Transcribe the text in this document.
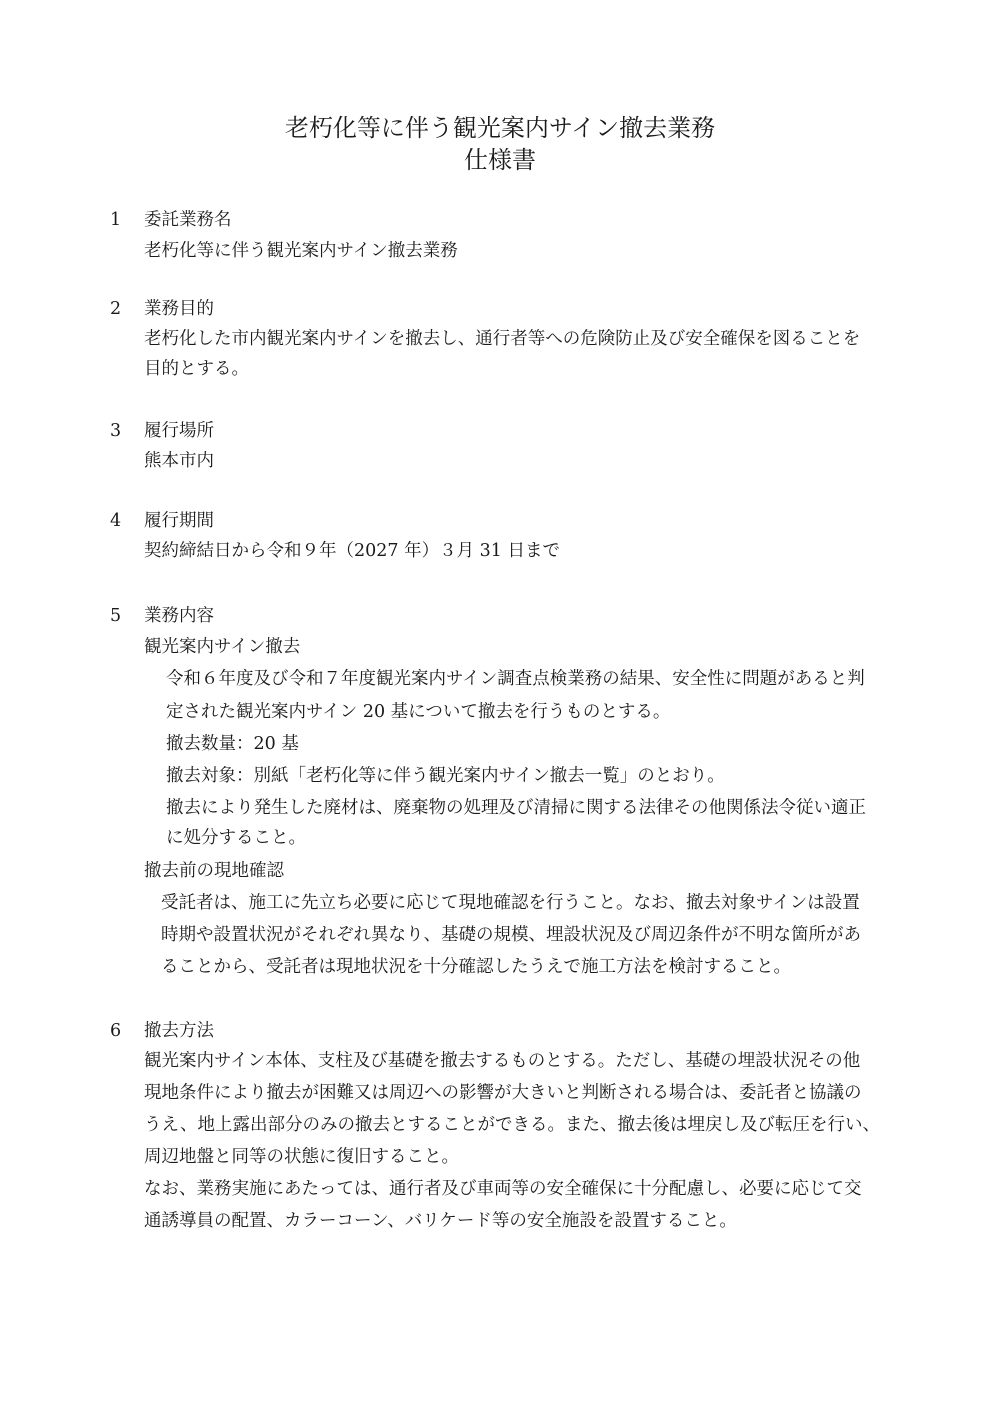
老朽化等に伴う観光案内サイン撤去業務
仕様書
1	委託業務名
老朽化等に伴う観光案内サイン撤去業務
2	業務目的
老朽化した市内観光案内サインを撤去し、通行者等への危険防止及び安全確保を図ることを
目的とする。
3	履行場所
熊本市内
4	履行期間
契約締結日から令和９年（2027 年）３月 31 日まで
5	業務内容
観光案内サイン撤去
令和６年度及び令和７年度観光案内サイン調査点検業務の結果、安全性に問題があると判
定された観光案内サイン 20 基について撤去を行うものとする。
撤去数量：20 基
撤去対象：別紙「老朽化等に伴う観光案内サイン撤去一覧」のとおり。
撤去により発生した廃材は、廃棄物の処理及び清掃に関する法律その他関係法令従い適正
に処分すること。
撤去前の現地確認
受託者は、施工に先立ち必要に応じて現地確認を行うこと。なお、撤去対象サインは設置
時期や設置状況がそれぞれ異なり、基礎の規模、埋設状況及び周辺条件が不明な箇所があ
ることから、受託者は現地状況を十分確認したうえで施工方法を検討すること。
6	撤去方法
観光案内サイン本体、支柱及び基礎を撤去するものとする。ただし、基礎の埋設状況その他
現地条件により撤去が困難又は周辺への影響が大きいと判断される場合は、委託者と協議の
うえ、地上露出部分のみの撤去とすることができる。また、撤去後は埋戻し及び転圧を行い、
周辺地盤と同等の状態に復旧すること。
なお、業務実施にあたっては、通行者及び車両等の安全確保に十分配慮し、必要に応じて交
通誘導員の配置、カラーコーン、バリケード等の安全施設を設置すること。
